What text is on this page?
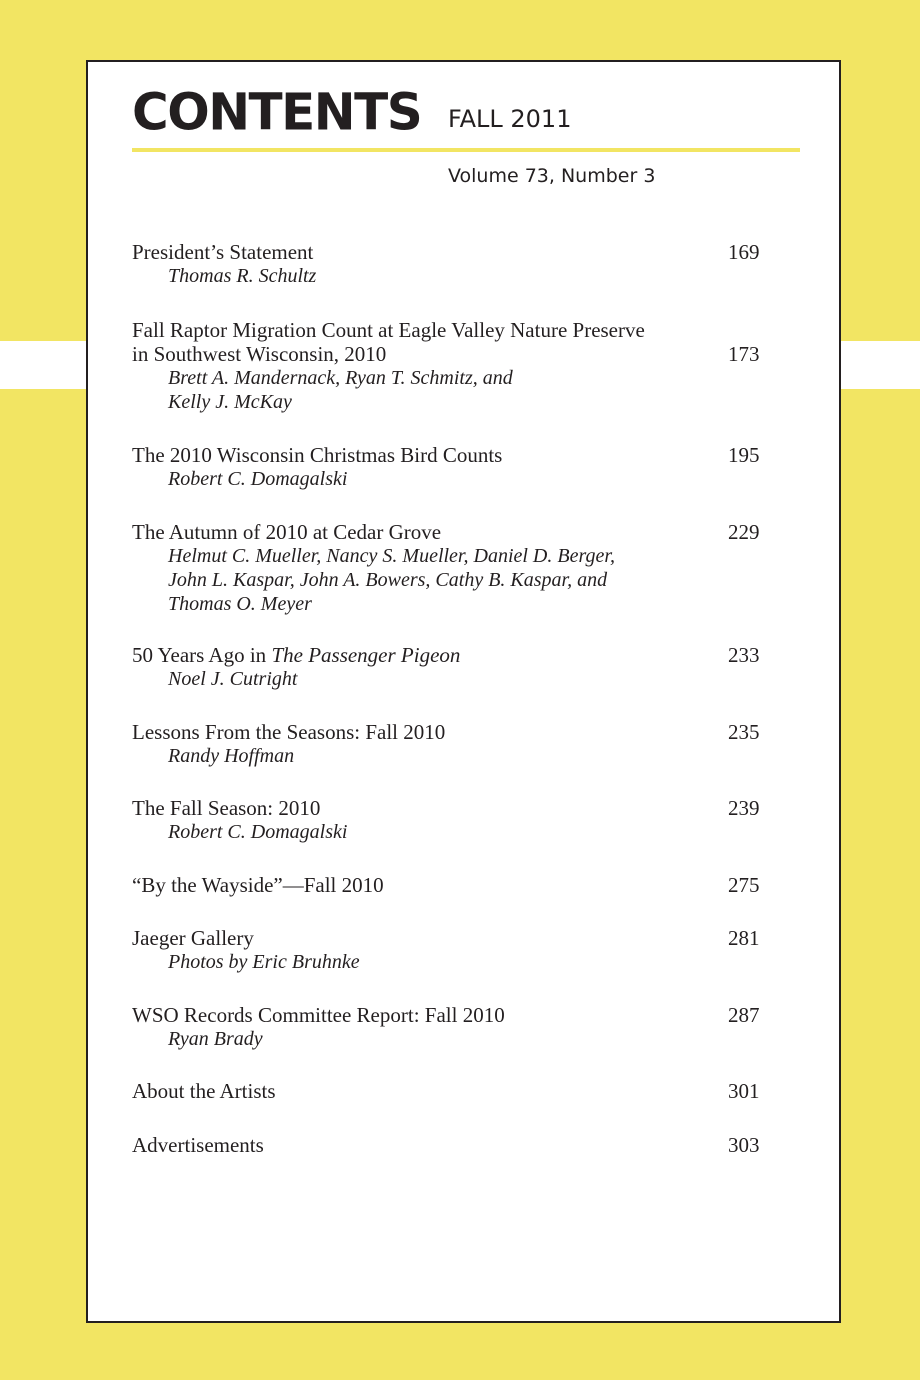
CONTENTS FALL 2011
Volume 73, Number 3

President’s Statement	169

Thomas R. Schultz

Fall Raptor Migration Count at Eagle Valley Nature Preserve

in Southwest Wisconsin, 2010	173

Brett A. Mandernack, Ryan T. Schmitz, and

Kelly J. McKay

The 2010 Wisconsin Christmas Bird Counts	195

Robert C. Domagalski

The Autumn of 2010 at Cedar Grove	229

Helmut C. Mueller, Nancy S. Mueller, Daniel D. Berger,

John L. Kaspar, John A. Bowers, Cathy B. Kaspar, and

Thomas O. Meyer

50 Years Ago in The Passenger Pigeon	233

Noel J. Cutright

Lessons From the Seasons: Fall 2010	235

Randy Hoffman

The Fall Season: 2010	239

Robert C. Domagalski

“By the Wayside”—Fall 2010	275

Jaeger Gallery	281

Photos by Eric Bruhnke

WSO Records Committee Report: Fall 2010	287

Ryan Brady

About the Artists	301

Advertisements	303
